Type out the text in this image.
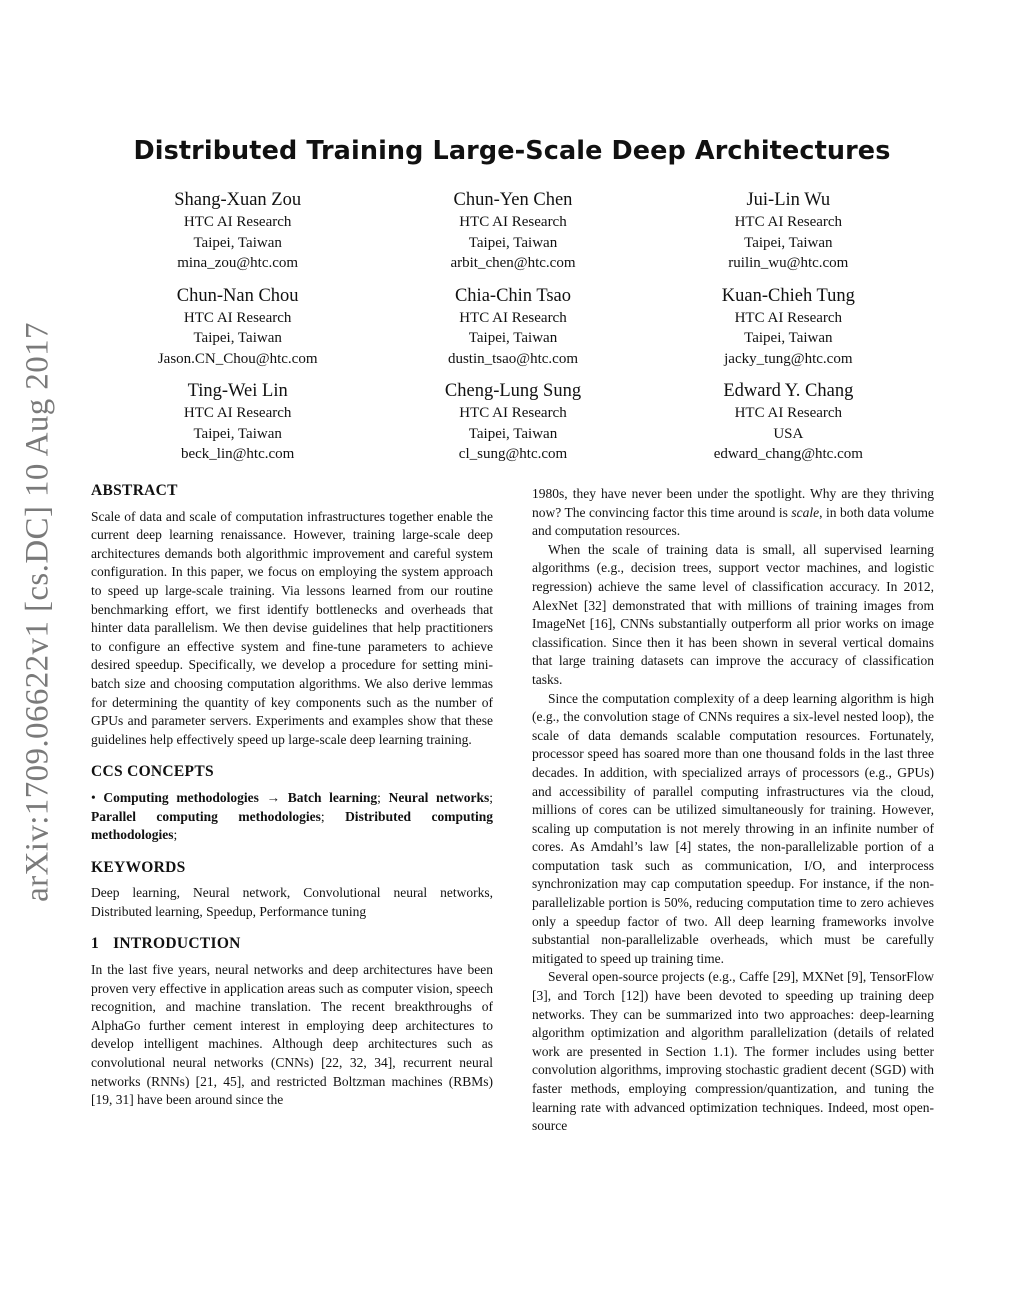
arXiv:1709.06622v1 [cs.DC] 10 Aug 2017
Distributed Training Large-Scale Deep Architectures
Shang-Xuan Zou
HTC AI Research
Taipei, Taiwan
mina_zou@htc.com
Chun-Yen Chen
HTC AI Research
Taipei, Taiwan
arbit_chen@htc.com
Jui-Lin Wu
HTC AI Research
Taipei, Taiwan
ruilin_wu@htc.com
Chun-Nan Chou
HTC AI Research
Taipei, Taiwan
Jason.CN_Chou@htc.com
Chia-Chin Tsao
HTC AI Research
Taipei, Taiwan
dustin_tsao@htc.com
Kuan-Chieh Tung
HTC AI Research
Taipei, Taiwan
jacky_tung@htc.com
Ting-Wei Lin
HTC AI Research
Taipei, Taiwan
beck_lin@htc.com
Cheng-Lung Sung
HTC AI Research
Taipei, Taiwan
cl_sung@htc.com
Edward Y. Chang
HTC AI Research
USA
edward_chang@htc.com
ABSTRACT

Scale of data and scale of computation infrastructures together enable the current deep learning renaissance. However, training large-scale deep architectures demands both algorithmic improvement and careful system configuration. In this paper, we focus on employing the system approach to speed up large-scale training. Via lessons learned from our routine benchmarking effort, we first identify bottlenecks and overheads that hinter data parallelism. We then devise guidelines that help practitioners to configure an effective system and fine-tune parameters to achieve desired speedup. Specifically, we develop a procedure for setting mini-batch size and choosing computation algorithms. We also derive lemmas for determining the quantity of key components such as the number of GPUs and parameter servers. Experiments and examples show that these guidelines help effectively speed up large-scale deep learning training.

CCS CONCEPTS

• Computing methodologies → Batch learning; Neural networks; Parallel computing methodologies; Distributed computing methodologies;

KEYWORDS

Deep learning, Neural network, Convolutional neural networks, Distributed learning, Speedup, Performance tuning

1 INTRODUCTION

In the last five years, neural networks and deep architectures have been proven very effective in application areas such as computer vision, speech recognition, and machine translation. The recent breakthroughs of AlphaGo further cement interest in employing deep architectures to develop intelligent machines. Although deep architectures such as convolutional neural networks (CNNs) [22, 32, 34], recurrent neural networks (RNNs) [21, 45], and restricted Boltzman machines (RBMs) [19, 31] have been around since the

1980s, they have never been under the spotlight. Why are they thriving now? The convincing factor this time around is scale, in both data volume and computation resources.

When the scale of training data is small, all supervised learning algorithms (e.g., decision trees, support vector machines, and logistic regression) achieve the same level of classification accuracy. In 2012, AlexNet [32] demonstrated that with millions of training images from ImageNet [16], CNNs substantially outperform all prior works on image classification. Since then it has been shown in several vertical domains that large training datasets can improve the accuracy of classification tasks.

Since the computation complexity of a deep learning algorithm is high (e.g., the convolution stage of CNNs requires a six-level nested loop), the scale of data demands scalable computation resources. Fortunately, processor speed has soared more than one thousand folds in the last three decades. In addition, with specialized arrays of processors (e.g., GPUs) and accessibility of parallel computing infrastructures via the cloud, millions of cores can be utilized simultaneously for training. However, scaling up computation is not merely throwing in an infinite number of cores. As Amdahl’s law [4] states, the non-parallelizable portion of a computation task such as communication, I/O, and interprocess synchronization may cap computation speedup. For instance, if the non-parallelizable portion is 50%, reducing computation time to zero achieves only a speedup factor of two. All deep learning frameworks involve substantial non-parallelizable overheads, which must be carefully mitigated to speed up training time.

Several open-source projects (e.g., Caffe [29], MXNet [9], TensorFlow [3], and Torch [12]) have been devoted to speeding up training deep networks. They can be summarized into two approaches: deep-learning algorithm optimization and algorithm parallelization (details of related work are presented in Section 1.1). The former includes using better convolution algorithms, improving stochastic gradient decent (SGD) with faster methods, employing compression/quantization, and tuning the learning rate with advanced optimization techniques. Indeed, most open-source
